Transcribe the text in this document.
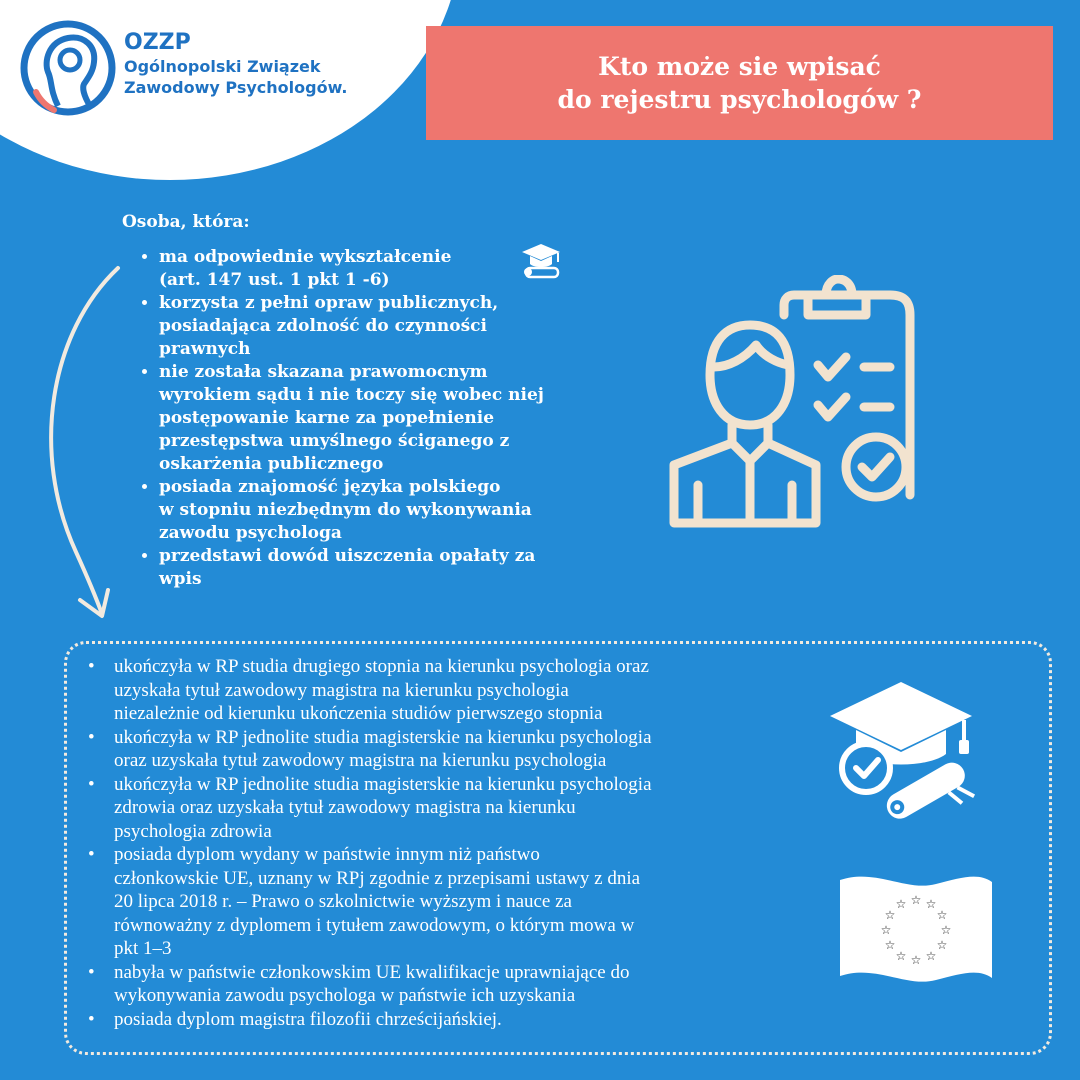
OZZP
Ogólnopolski Związek
Zawodowy Psychologów.
Kto może sie wpisać
do rejestru psychologów ?
Osoba, która:
• ma odpowiednie wykształcenie
(art. 147 ust. 1 pkt 1 -6)
• korzysta z pełni opraw publicznych,
posiadająca zdolność do czynności
prawnych
• nie została skazana prawomocnym
wyrokiem sądu i nie toczy się wobec niej
postępowanie karne za popełnienie
przestępstwa umyślnego ściganego z
oskarżenia publicznego
• posiada znajomość języka polskiego
w stopniu niezbędnym do wykonywania
zawodu psychologa
• przedstawi dowód uiszczenia opałaty za
wpis
• ukończyła w RP studia drugiego stopnia na kierunku psychologia oraz
uzyskała tytuł zawodowy magistra na kierunku psychologia
niezależnie od kierunku ukończenia studiów pierwszego stopnia
• ukończyła w RP jednolite studia magisterskie na kierunku psychologia
oraz uzyskała tytuł zawodowy magistra na kierunku psychologia
• ukończyła w RP jednolite studia magisterskie na kierunku psychologia
zdrowia oraz uzyskała tytuł zawodowy magistra na kierunku
psychologia zdrowia
• posiada dyplom wydany w państwie innym niż państwo
członkowskie UE, uznany w RPj zgodnie z przepisami ustawy z dnia
20 lipca 2018 r. – Prawo o szkolnictwie wyższym i nauce za
równoważny z dyplomem i tytułem zawodowym, o którym mowa w
pkt 1–3
• nabyła w państwie członkowskim UE kwalifikacje uprawniające do
wykonywania zawodu psychologa w państwie ich uzyskania
• posiada dyplom magistra filozofii chrześcijańskiej.
☆ ☆
☆
☆
☆
☆
☆
☆
☆
☆
☆
☆
